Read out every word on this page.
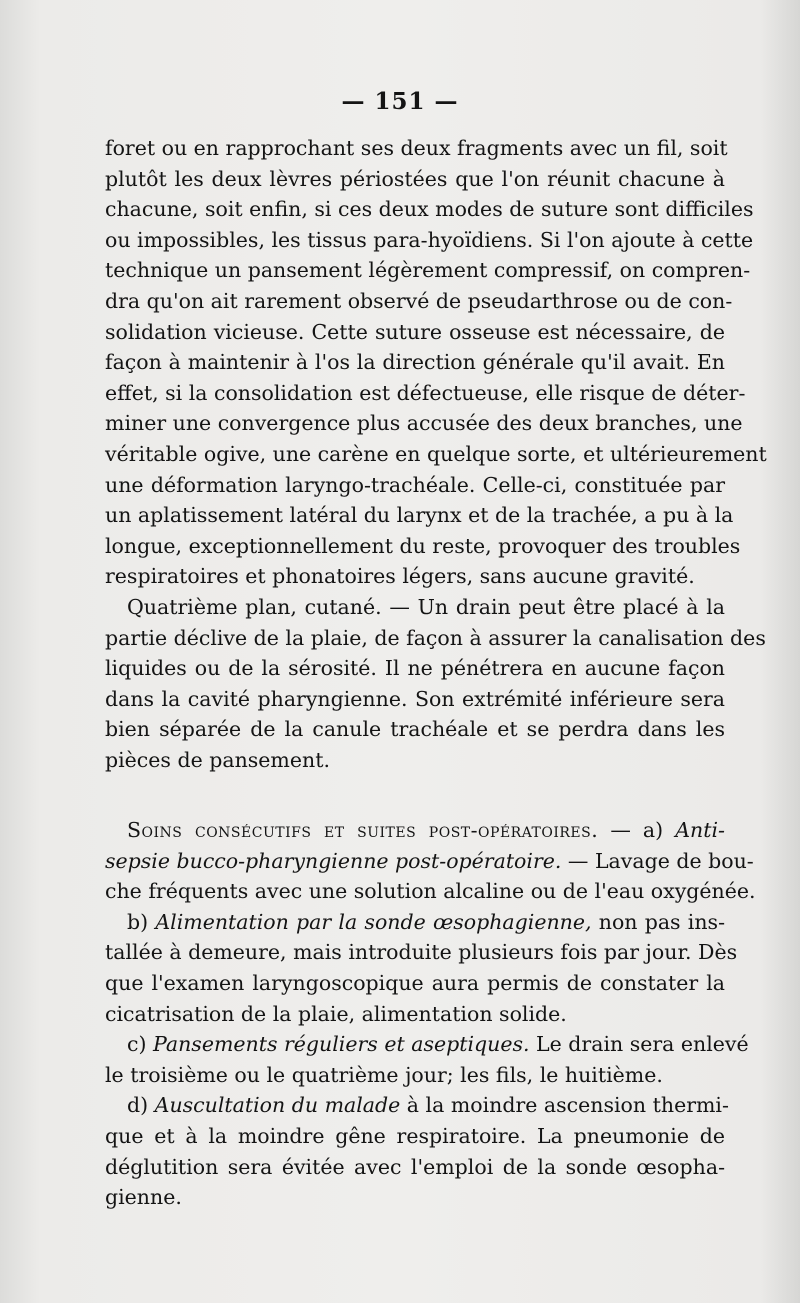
— 151 —
foret ou en rapprochant ses deux fragments avec un fil, soit
plutôt les deux lèvres périostées que l'on réunit chacune à
chacune, soit enfin, si ces deux modes de suture sont difficiles
ou impossibles, les tissus para-hyoïdiens. Si l'on ajoute à cette
technique un pansement légèrement compressif, on compren-
dra qu'on ait rarement observé de pseudarthrose ou de con-
solidation vicieuse. Cette suture osseuse est nécessaire, de
façon à maintenir à l'os la direction générale qu'il avait. En
effet, si la consolidation est défectueuse, elle risque de déter-
miner une convergence plus accusée des deux branches, une
véritable ogive, une carène en quelque sorte, et ultérieurement
une déformation laryngo-trachéale. Celle-ci, constituée par
un aplatissement latéral du larynx et de la trachée, a pu à la
longue, exceptionnellement du reste, provoquer des troubles
respiratoires et phonatoires légers, sans aucune gravité.
Quatrième plan, cutané. — Un drain peut être placé à la
partie déclive de la plaie, de façon à assurer la canalisation des
liquides ou de la sérosité. Il ne pénétrera en aucune façon
dans la cavité pharyngienne. Son extrémité inférieure sera
bien séparée de la canule trachéale et se perdra dans les
pièces de pansement.
Soins consécutifs et suites post-opératoires. — a) Anti-
sepsie bucco-pharyngienne post-opératoire. — Lavage de bou-
che fréquents avec une solution alcaline ou de l'eau oxygénée.
b) Alimentation par la sonde œsophagienne, non pas ins-
tallée à demeure, mais introduite plusieurs fois par jour. Dès
que l'examen laryngoscopique aura permis de constater la
cicatrisation de la plaie, alimentation solide.
c) Pansements réguliers et aseptiques. Le drain sera enlevé
le troisième ou le quatrième jour; les fils, le huitième.
d) Auscultation du malade à la moindre ascension thermi-
que et à la moindre gêne respiratoire. La pneumonie de
déglutition sera évitée avec l'emploi de la sonde œsopha-
gienne.
